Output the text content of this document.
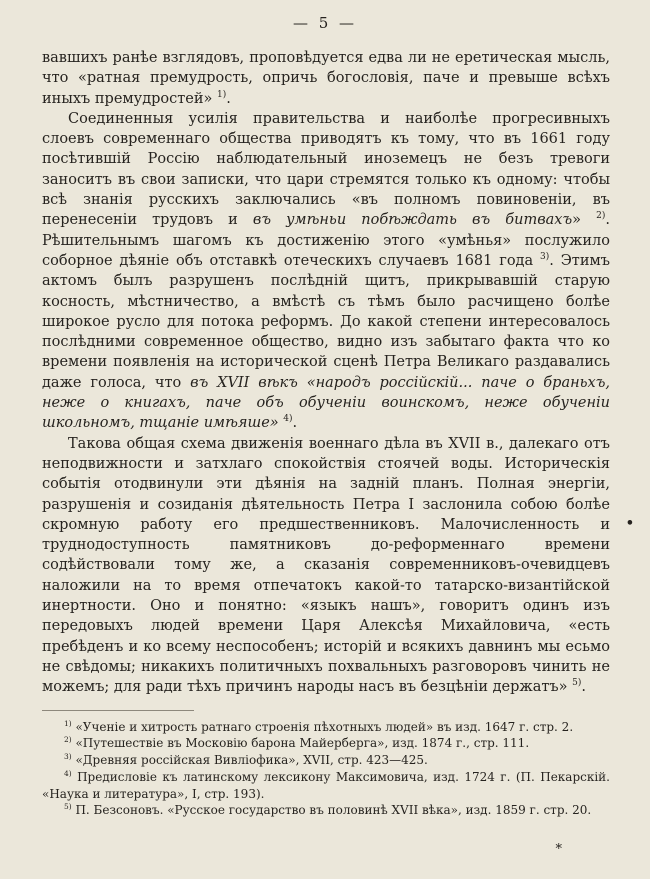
— 5 —

вавшихъ ранѣе взглядовъ, проповѣдуется едва ли не еретическая мысль, что «ратная премудрость, опричь богословія, паче и превыше всѣхъ иныхъ премудростей» $^{1)}$.

Соединенныя усилія правительства и наиболѣе прогресивныхъ слоевъ современнаго общества приводятъ къ тому, что въ 1661 году посѣтившій Россію наблюдательный иноземецъ не безъ тревоги заноситъ въ свои записки, что цари стремятся только къ одному: чтобы всѣ знанія русскихъ заключались «въ полномъ повиновеніи, въ перенесеніи трудовъ и въ умѣньи побѣждать въ битвахъ» $^{2)}$. Рѣшительнымъ шагомъ къ достиженію этого «умѣнья» послужило соборное дѣяніе объ отставкѣ отеческихъ случаевъ 1681 года $^{3)}$. Этимъ актомъ былъ разрушенъ послѣдній щитъ, прикрывавшій старую косность, мѣстничество, а вмѣстѣ съ тѣмъ было расчищено болѣе широкое русло для потока реформъ. До какой степени интересовалось послѣдними современное общество, видно изъ забытаго факта что ко времени появленія на исторической сценѣ Петра Великаго раздавались даже голоса, что въ XVII вѣкъ «народъ россійскій... паче о браньхъ, неже о книгахъ, паче объ обученіи воинскомъ, неже обученіи школьномъ, тщаніе имѣяше» $^{4)}$.

Такова общая схема движенія военнаго дѣла въ XVII в., далекаго отъ неподвижности и затхлаго спокойствія стоячей воды. Историческія событія отодвинули эти дѣянія на задній планъ. Полная энергіи, разрушенія и созиданія дѣятельность Петра I заслонила собою болѣе скромную работу его предшественниковъ. Малочисленность и труднодоступность памятниковъ до-реформеннаго времени содѣйствовали тому же, а сказанія современниковъ-очевидцевъ наложили на то время отпечатокъ какой-то татарско-византійской инертности. Оно и понятно: «языкъ нашъ», говоритъ одинъ изъ передовыхъ людей времени Царя Алексѣя Михайловича, «есть пребѣденъ и ко всему неспособенъ; исторій и всякихъ давнинъ мы есьмо не свѣдомы; никакихъ политичныхъ похвальныхъ разговоровъ чинить не можемъ; для ради тѣхъ причинъ народы насъ въ безцѣніи держатъ» $^{5)}$.

$^{1)}$ «Ученіе и хитрость ратнаго строенія пѣхотныхъ людей» въ изд. 1647 г. стр. 2.

$^{2)}$ «Путешествіе въ Московію барона Майерберга», изд. 1874 г., стр. 111.

$^{3)}$ «Древняя россійская Вивліофика», XVII, стр. 423—425.

$^{4)}$ Предисловіе къ латинскому лексикону Максимовича, изд. 1724 г. (П. Пекарскій. «Наука и литература», I, стр. 193).

$^{5)}$ П. Безсоновъ. «Русское государство въ половинѣ XVII вѣка», изд. 1859 г. стр. 20.

•
*
